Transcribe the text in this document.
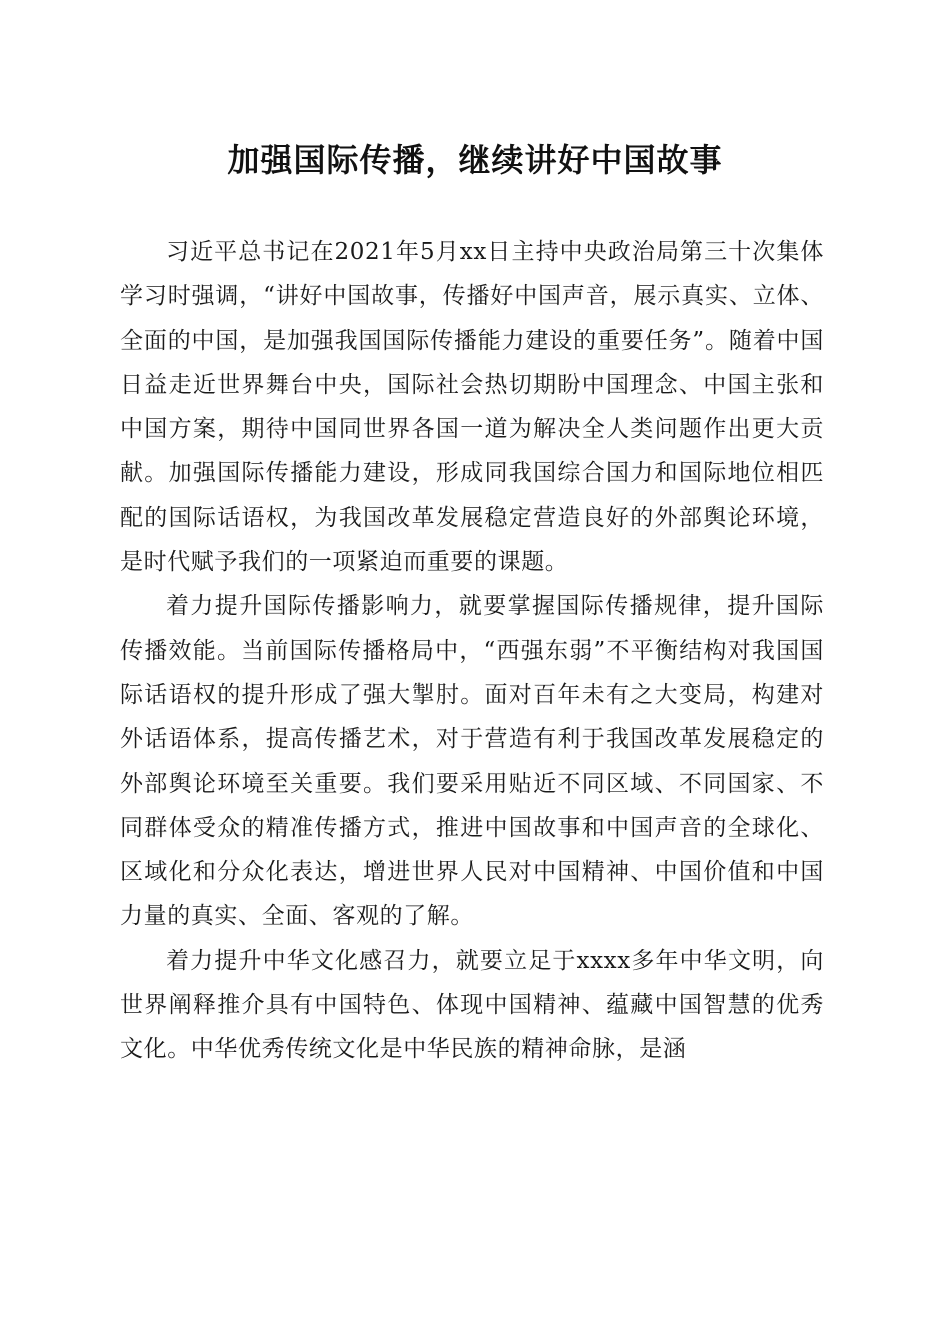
加强国际传播，继续讲好中国故事

习近平总书记在2021年5月xx日主持中央政治局第三十次集体学习时强调，“讲好中国故事，传播好中国声音，展示真实、立体、全面的中国，是加强我国国际传播能力建设的重要任务”。随着中国日益走近世界舞台中央，国际社会热切期盼中国理念、中国主张和中国方案，期待中国同世界各国一道为解决全人类问题作出更大贡献。加强国际传播能力建设，形成同我国综合国力和国际地位相匹配的国际话语权，为我国改革发展稳定营造良好的外部舆论环境，是时代赋予我们的一项紧迫而重要的课题。

着力提升国际传播影响力，就要掌握国际传播规律，提升国际传播效能。当前国际传播格局中，“西强东弱”不平衡结构对我国国际话语权的提升形成了强大掣肘。面对百年未有之大变局，构建对外话语体系，提高传播艺术，对于营造有利于我国改革发展稳定的外部舆论环境至关重要。我们要采用贴近不同区域、不同国家、不同群体受众的精准传播方式，推进中国故事和中国声音的全球化、区域化和分众化表达，增进世界人民对中国精神、中国价值和中国力量的真实、全面、客观的了解。

着力提升中华文化感召力，就要立足于xxxx多年中华文明，向世界阐释推介具有中国特色、体现中国精神、蕴藏中国智慧的优秀文化。中华优秀传统文化是中华民族的精神命脉，是涵
